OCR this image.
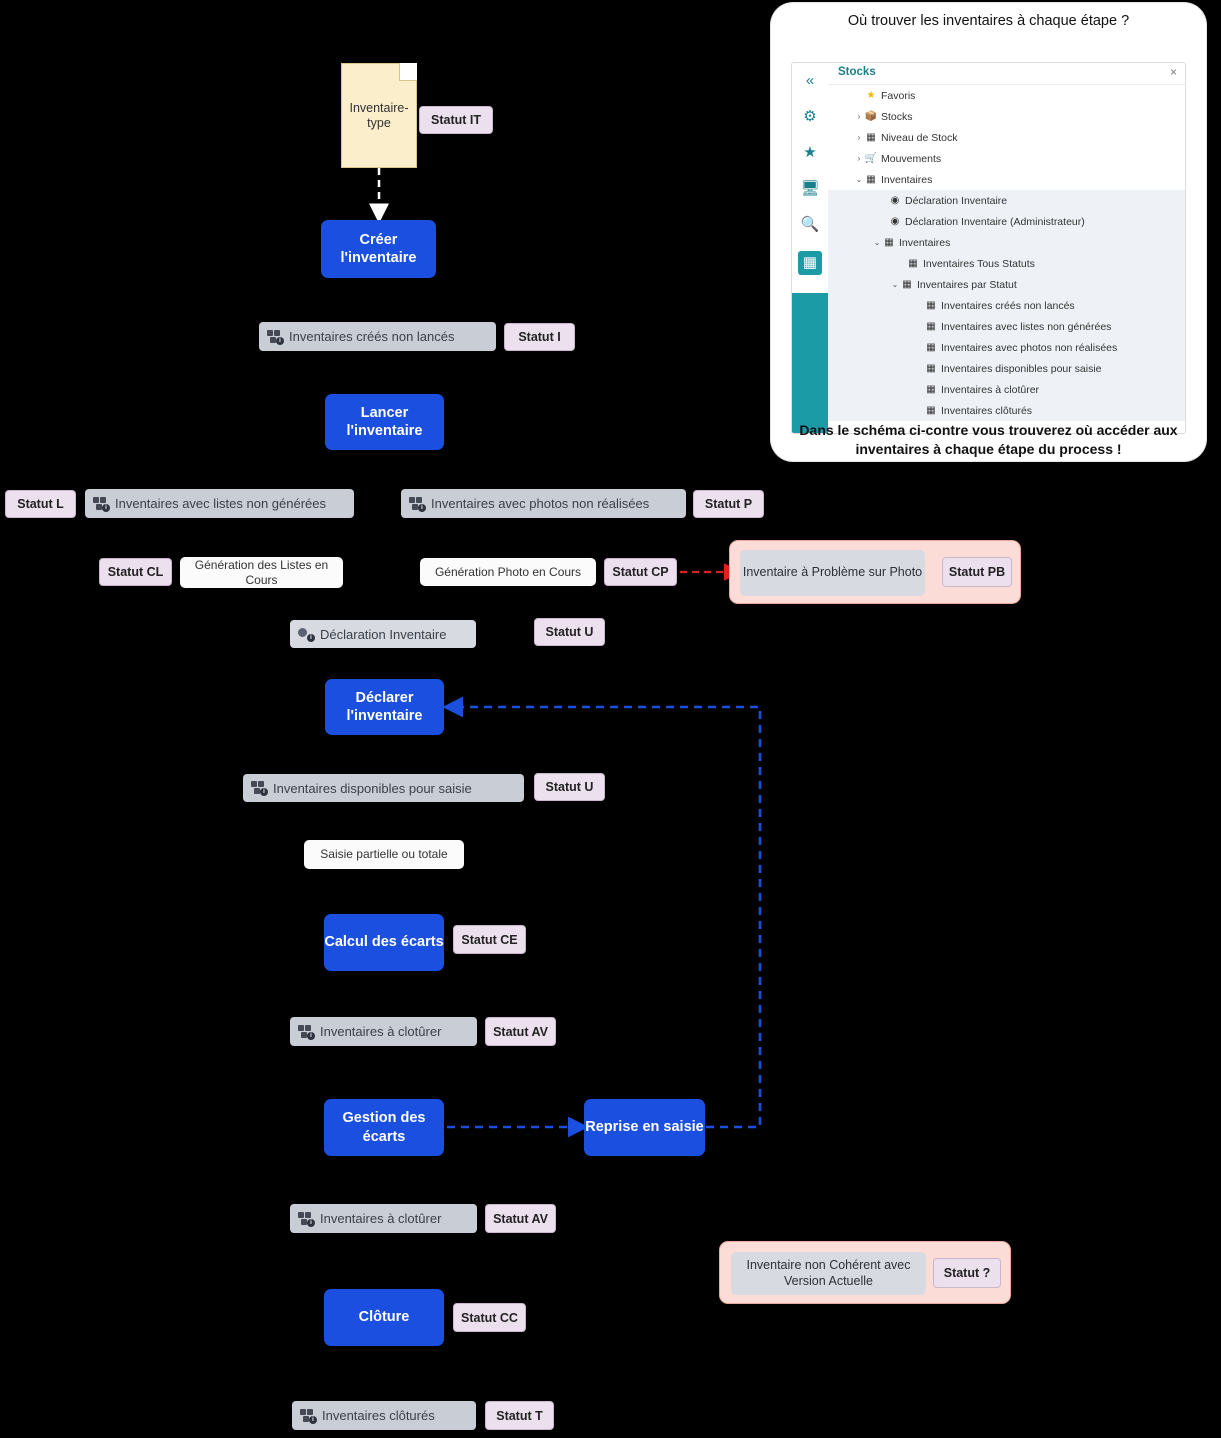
Inventaire-type	Statut IT
Créer l'inventaire
i Inventaires créés non lancés	Statut I
Lancer l'inventaire
Statut L	i Inventaires avec listes non générées	i Inventaires avec photos non réalisées	Statut P
Statut CL	Génération des Listes en Cours
Génération Photo en Cours	Statut CP	Inventaire à Problème sur Photo Statut PB
i Déclaration Inventaire	Statut U
Déclarer l'inventaire
i Inventaires disponibles pour saisie	Statut U
Saisie partielle ou totale
Calcul des écarts Statut CE
i Inventaires à clotûrer	Statut AV
Gestion des écarts
Reprise en saisie
i Inventaires à clotûrer	Statut AV
Inventaire non Cohérent avec Version Actuelle
Statut ?
Clôture	Statut CC
i Inventaires clôturés	Statut T
Où trouver les inventaires à chaque étape ?
«
⚙
★
🖥
🔍
▦
Stocks	×
★ Favoris
› 📦 Stocks
› ▦ Niveau de Stock
› 🛒 Mouvements
⌄ ▦ Inventaires
◉ Déclaration Inventaire
◉ Déclaration Inventaire (Administrateur)
⌄ ▦ Inventaires
▦ Inventaires Tous Statuts
⌄ ▦ Inventaires par Statut
▦ Inventaires créés non lancés
▦ Inventaires avec listes non générées
▦ Inventaires avec photos non réalisées
▦ Inventaires disponibles pour saisie
▦ Inventaires à clotûrer
▦ Inventaires clôturés
Dans le schéma ci-contre vous trouverez où accéder aux inventaires à chaque étape du process !
